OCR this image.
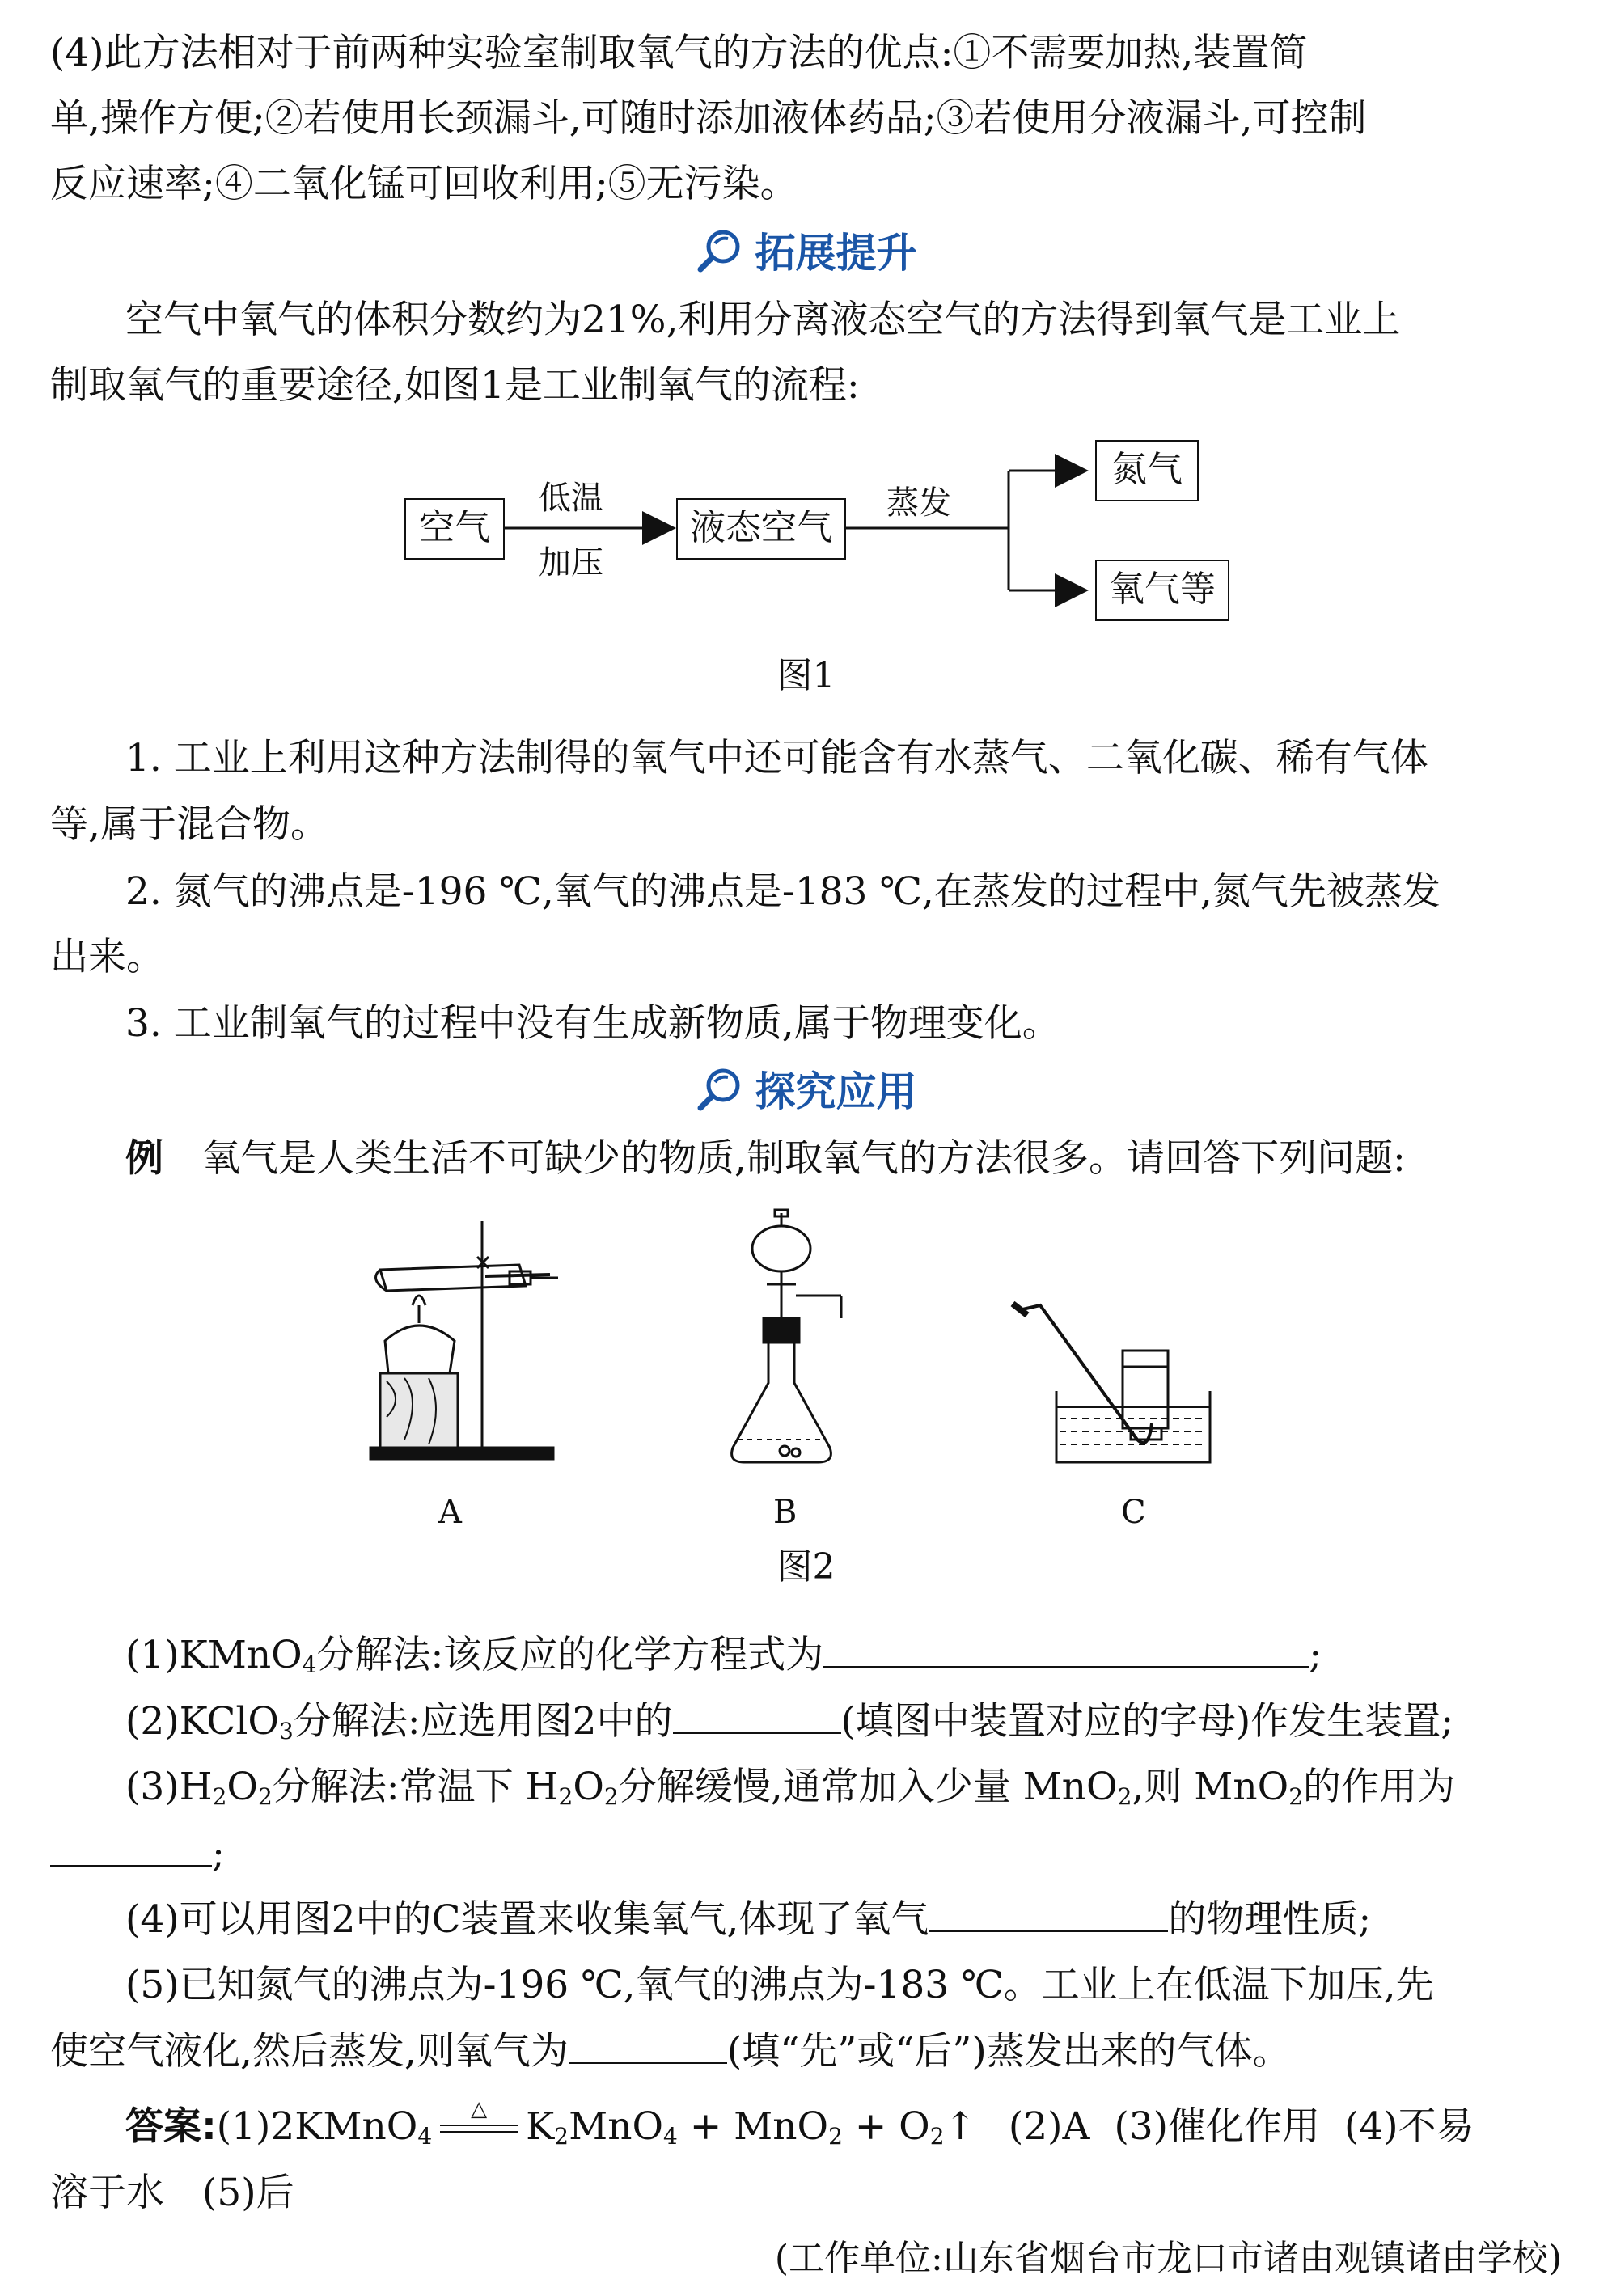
(4)此方法相对于前两种实验室制取氧气的方法的优点:①不需要加热,装置简
单,操作方便;②若使用长颈漏斗,可随时添加液体药品;③若使用分液漏斗,可控制
反应速率;④二氧化锰可回收利用;⑤无污染。
拓展提升
空气中氧气的体积分数约为21%,利用分离液态空气的方法得到氧气是工业上
制取氧气的重要途径,如图1是工业制氧气的流程:
空气
低温
加压
液态空气
蒸发
氮气
氧气等
图1
1. 工业上利用这种方法制得的氧气中还可能含有水蒸气、二氧化碳、稀有气体
等,属于混合物。
2. 氮气的沸点是-196 ℃,氧气的沸点是-183 ℃,在蒸发的过程中,氮气先被蒸发
出来。
3. 工业制氧气的过程中没有生成新物质,属于物理变化。
探究应用
例 氧气是人类生活不可缺少的物质,制取氧气的方法很多。请回答下列问题:
A	B	C
图2
(1)KMnO$_4$分解法:该反应的化学方程式为	;
(2)KClO$_3$分解法:应选用图2中的	(填图中装置对应的字母)作发生装置;
$(3)H_2O_2$分解法:常温下 $H_2O_2$分解缓慢,通常加入少量 MnO$_2$,则 MnO$_2$的作用为
;
(4)可以用图2中的C装置来收集氧气,体现了氧气	的物理性质;
(5)已知氮气的沸点为-196 ℃,氧气的沸点为-183 ℃。工业上在低温下加压,先
使空气液化,然后蒸发,则氧气为	(填“先”或“后”)蒸发出来的气体。
答案:(1)2KMnO$_4$
△	$K_2MnO_4 + MnO_2$ + $O_2↑$ (2)A (3)催化作用 (4)不易
溶于水　(5)后
(工作单位:山东省烟台市龙口市诸由观镇诸由学校)
